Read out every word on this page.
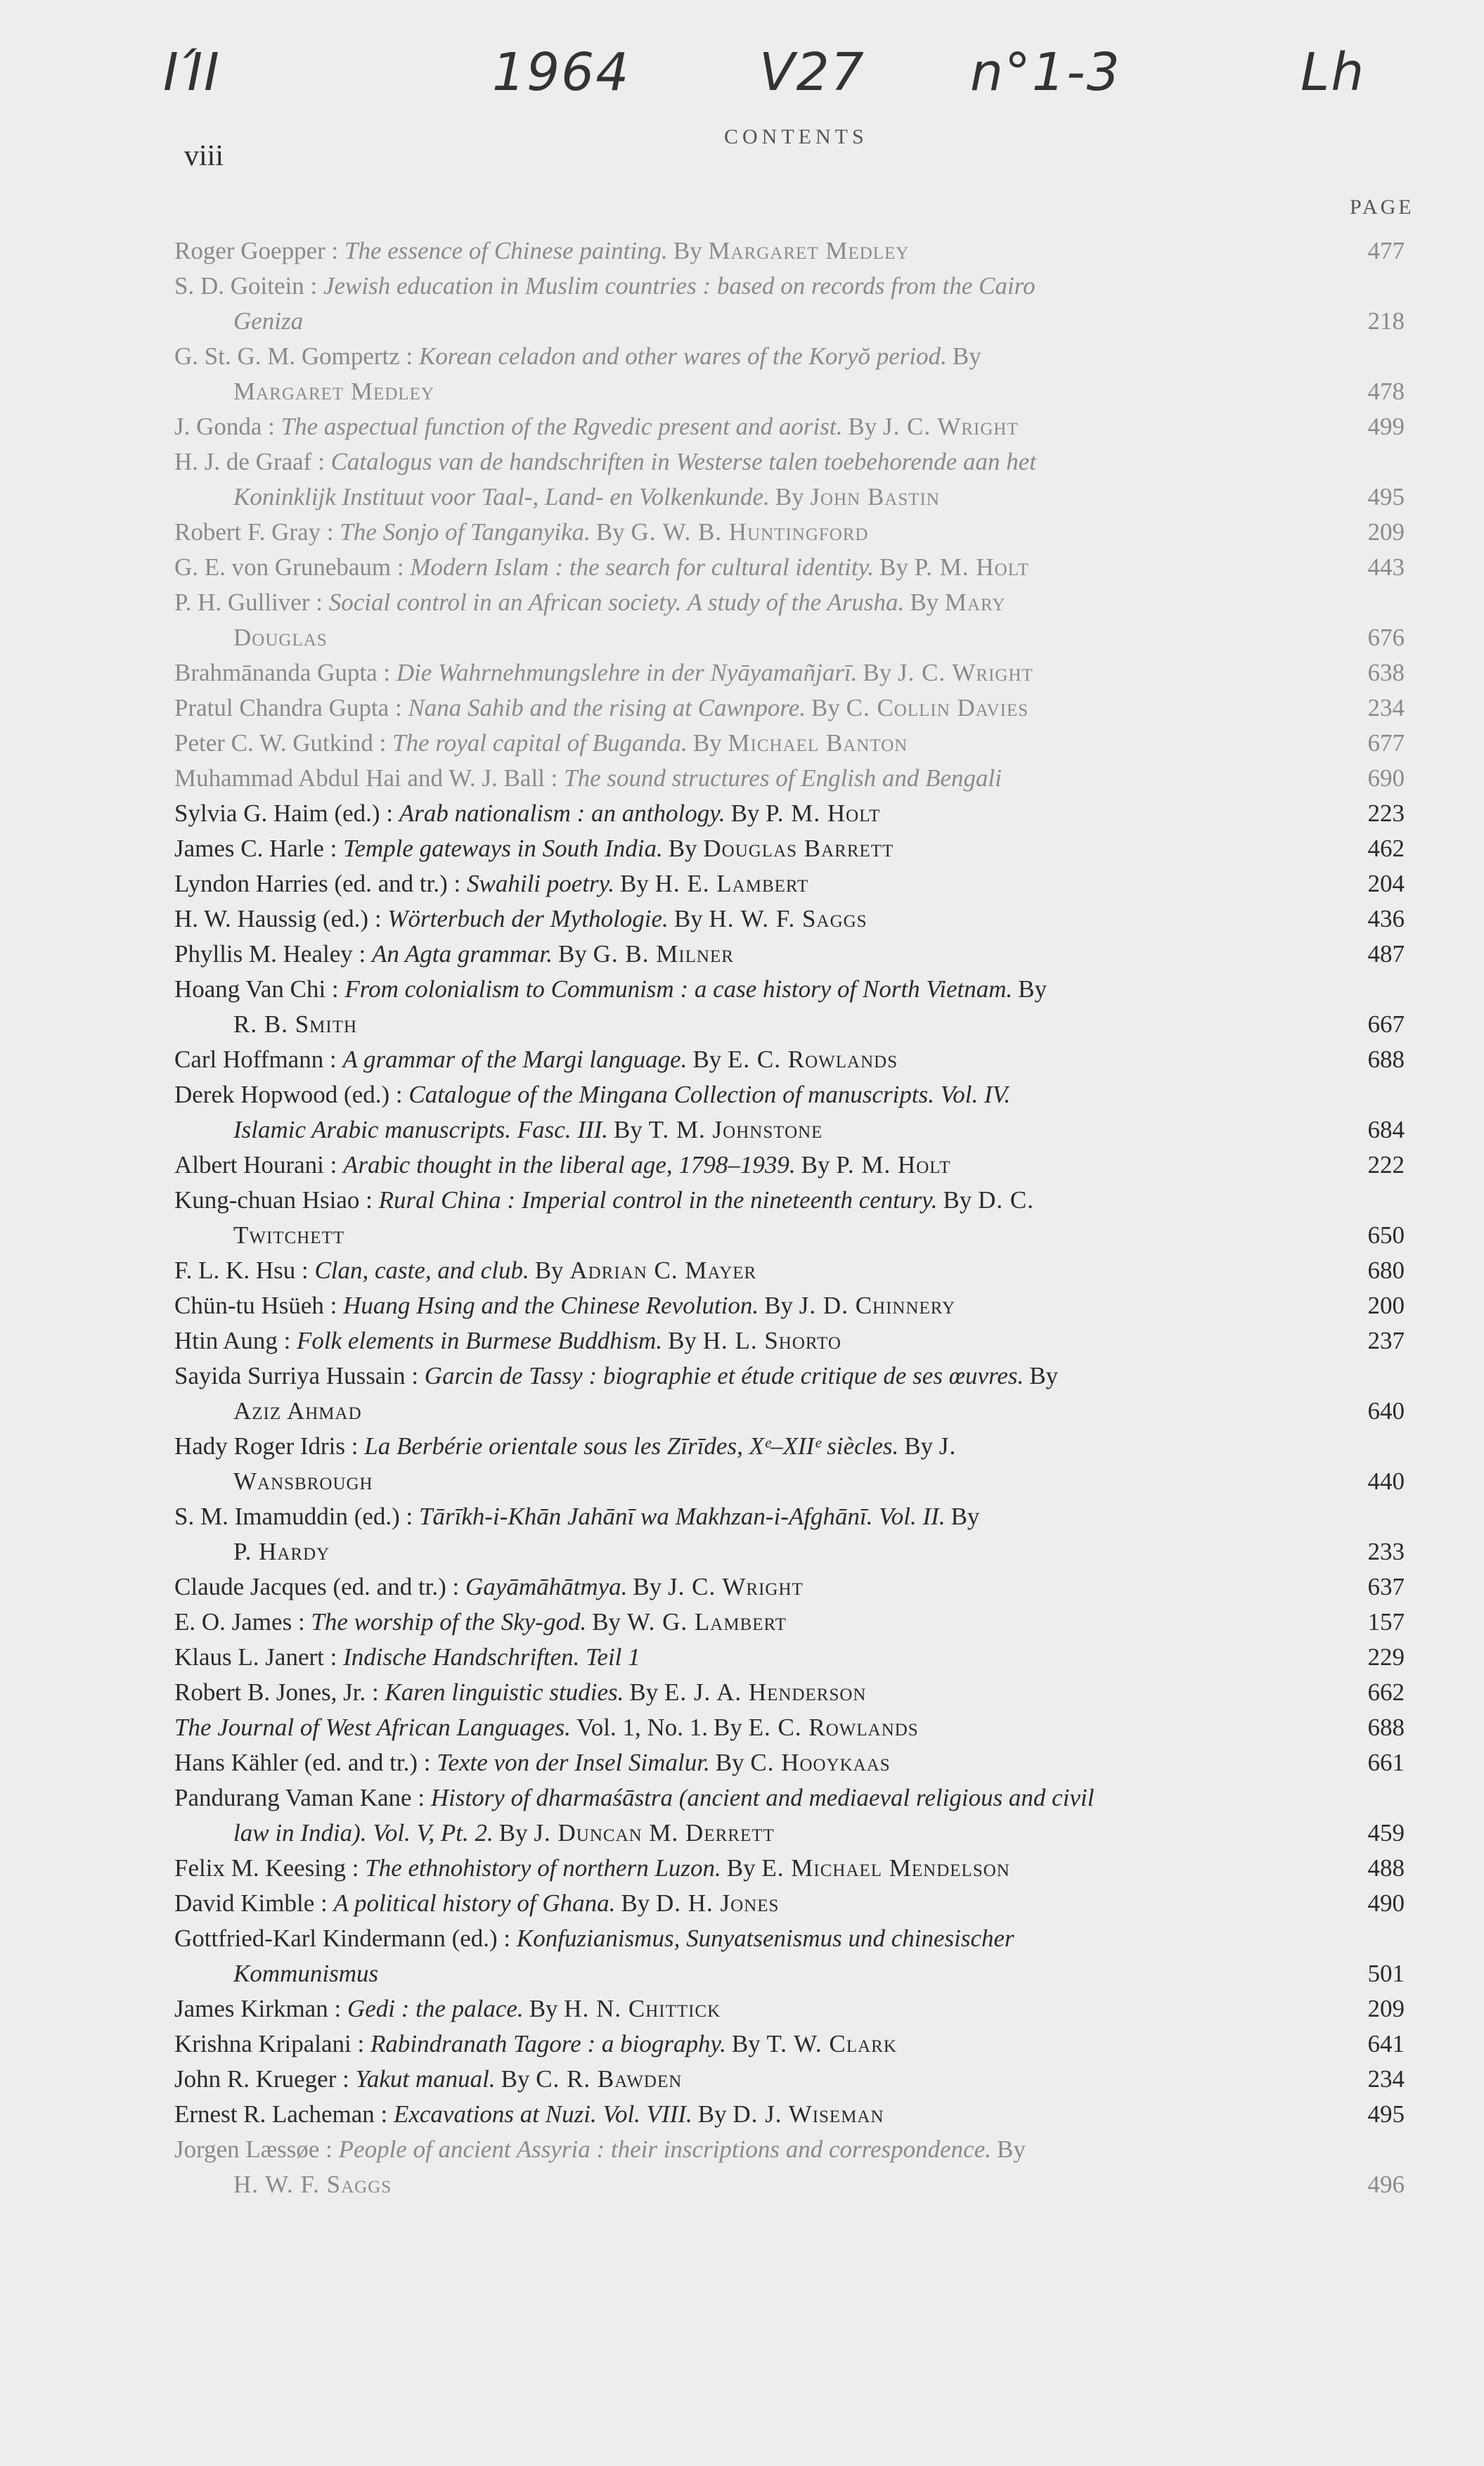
ΙΊΙ	1964 V27 n°1-3	Lh
viii
CONTENTS
PAGE
Roger Goepper : The essence of Chinese painting. By Margaret Medley	477
S. D. Goitein : Jewish education in Muslim countries : based on records from the Cairo
Geniza	218
G. St. G. M. Gompertz : Korean celadon and other wares of the Koryŏ period. By
Margaret Medley	478
J. Gonda : The aspectual function of the Rgvedic present and aorist. By J. C. Wright	499
H. J. de Graaf : Catalogus van de handschriften in Westerse talen toebehorende aan het
Koninklijk Instituut voor Taal-, Land- en Volkenkunde. By John Bastin	495
Robert F. Gray : The Sonjo of Tanganyika. By G. W. B. Huntingford	209
G. E. von Grunebaum : Modern Islam : the search for cultural identity. By P. M. Holt	443
P. H. Gulliver : Social control in an African society. A study of the Arusha. By Mary
Douglas	676
Brahmānanda Gupta : Die Wahrnehmungslehre in der Nyāyamañjarī. By J. C. Wright	638
Pratul Chandra Gupta : Nana Sahib and the rising at Cawnpore. By C. Collin Davies	234
Peter C. W. Gutkind : The royal capital of Buganda. By Michael Banton	677
Muhammad Abdul Hai and W. J. Ball : The sound structures of English and Bengali	690
Sylvia G. Haim (ed.) : Arab nationalism : an anthology. By P. M. Holt	223
James C. Harle : Temple gateways in South India. By Douglas Barrett	462
Lyndon Harries (ed. and tr.) : Swahili poetry. By H. E. Lambert	204
H. W. Haussig (ed.) : Wörterbuch der Mythologie. By H. W. F. Saggs	436
Phyllis M. Healey : An Agta grammar. By G. B. Milner	487
Hoang Van Chi : From colonialism to Communism : a case history of North Vietnam. By
R. B. Smith	667
Carl Hoffmann : A grammar of the Margi language. By E. C. Rowlands	688
Derek Hopwood (ed.) : Catalogue of the Mingana Collection of manuscripts. Vol. IV.
Islamic Arabic manuscripts. Fasc. III. By T. M. Johnstone	684
Albert Hourani : Arabic thought in the liberal age, 1798–1939. By P. M. Holt	222
Kung-chuan Hsiao : Rural China : Imperial control in the nineteenth century. By D. C.
Twitchett	650
F. L. K. Hsu : Clan, caste, and club. By Adrian C. Mayer	680
Chün-tu Hsüeh : Huang Hsing and the Chinese Revolution. By J. D. Chinnery	200
Htin Aung : Folk elements in Burmese Buddhism. By H. L. Shorto	237
Sayida Surriya Hussain : Garcin de Tassy : biographie et étude critique de ses œuvres. By
Aziz Ahmad	640
Hady Roger Idris : La Berbérie orientale sous les Zīrīdes, Xᵉ–XIIᵉ siècles. By J.
Wansbrough	440
S. M. Imamuddin (ed.) : Tārīkh-i-Khān Jahānī wa Makhzan-i-Afghānī. Vol. II. By
P. Hardy	233
Claude Jacques (ed. and tr.) : Gayāmāhātmya. By J. C. Wright	637
E. O. James : The worship of the Sky-god. By W. G. Lambert	157
Klaus L. Janert : Indische Handschriften. Teil 1	229
Robert B. Jones, Jr. : Karen linguistic studies. By E. J. A. Henderson	662
The Journal of West African Languages. Vol. 1, No. 1. By E. C. Rowlands	688
Hans Kähler (ed. and tr.) : Texte von der Insel Simalur. By C. Hooykaas	661
Pandurang Vaman Kane : History of dharmaśāstra (ancient and mediaeval religious and civil
law in India). Vol. V, Pt. 2. By J. Duncan M. Derrett	459
Felix M. Keesing : The ethnohistory of northern Luzon. By E. Michael Mendelson	488
David Kimble : A political history of Ghana. By D. H. Jones	490
Gottfried-Karl Kindermann (ed.) : Konfuzianismus, Sunyatsenismus und chinesischer
Kommunismus	501
James Kirkman : Gedi : the palace. By H. N. Chittick	209
Krishna Kripalani : Rabindranath Tagore : a biography. By T. W. Clark	641
John R. Krueger : Yakut manual. By C. R. Bawden	234
Ernest R. Lacheman : Excavations at Nuzi. Vol. VIII. By D. J. Wiseman	495
Jorgen Læssøe : People of ancient Assyria : their inscriptions and correspondence. By
H. W. F. Saggs	496
